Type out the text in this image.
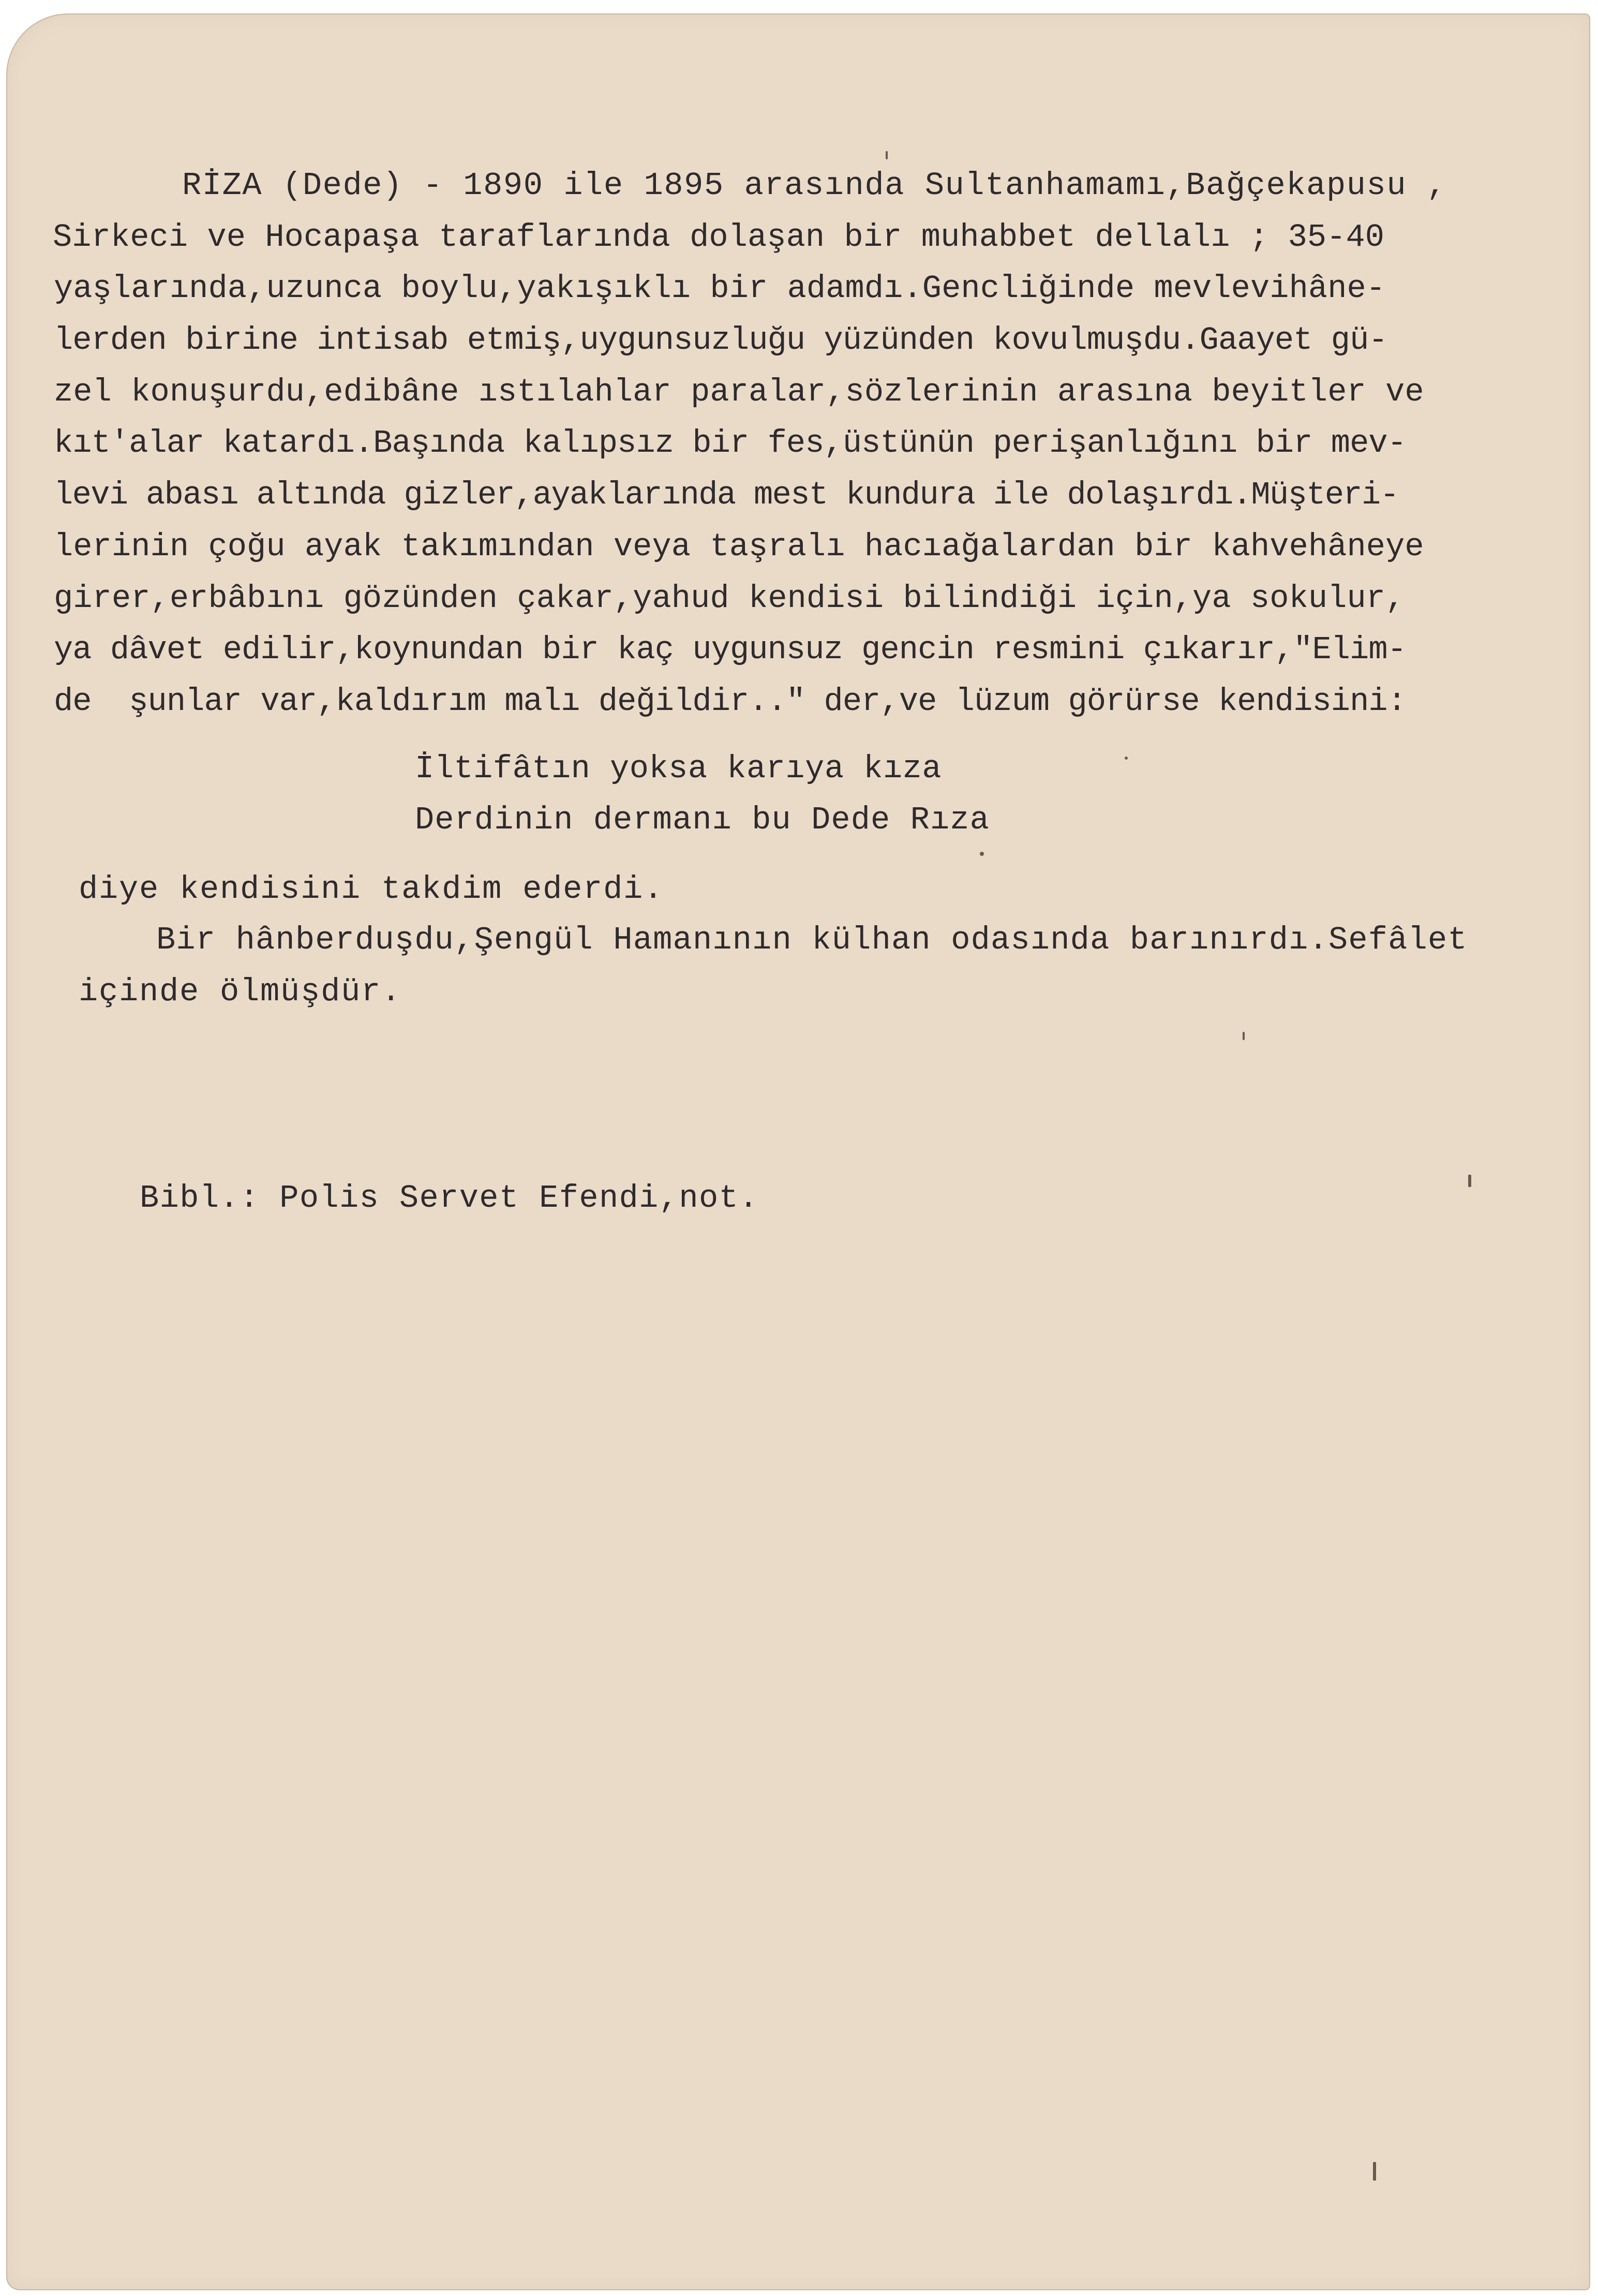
RİZA (Dede) - 1890 ile 1895 arasında Sultanhamamı,Bağçekapusu ,
Sirkeci ve Hocapaşa taraflarında dolaşan bir muhabbet dellalı ; 35-40
yaşlarında,uzunca boylu,yakışıklı bir adamdı.Gencliğinde mevlevihâne-
lerden birine intisab etmiş,uygunsuzluğu yüzünden kovulmuşdu.Gaayet gü-
zel konuşurdu,edibâne ıstılahlar paralar,sözlerinin arasına beyitler ve
kıt'alar katardı.Başında kalıpsız bir fes,üstünün perişanlığını bir mev-
levi abası altında gizler,ayaklarında mest kundura ile dolaşırdı.Müşteri-
lerinin çoğu ayak takımından veya taşralı hacıağalardan bir kahvehâneye
girer,erbâbını gözünden çakar,yahud kendisi bilindiği için,ya sokulur,
ya dâvet edilir,koynundan bir kaç uygunsuz gencin resmini çıkarır,"Elim-
de  şunlar var,kaldırım malı değildir.." der,ve lüzum görürse kendisini:
İltifâtın yoksa karıya kıza
Derdinin dermanı bu Dede Rıza
diye kendisini takdim ederdi.
Bir hânberduşdu,Şengül Hamanının külhan odasında barınırdı.Sefâlet
içinde ölmüşdür.
Bibl.: Polis Servet Efendi,not.
